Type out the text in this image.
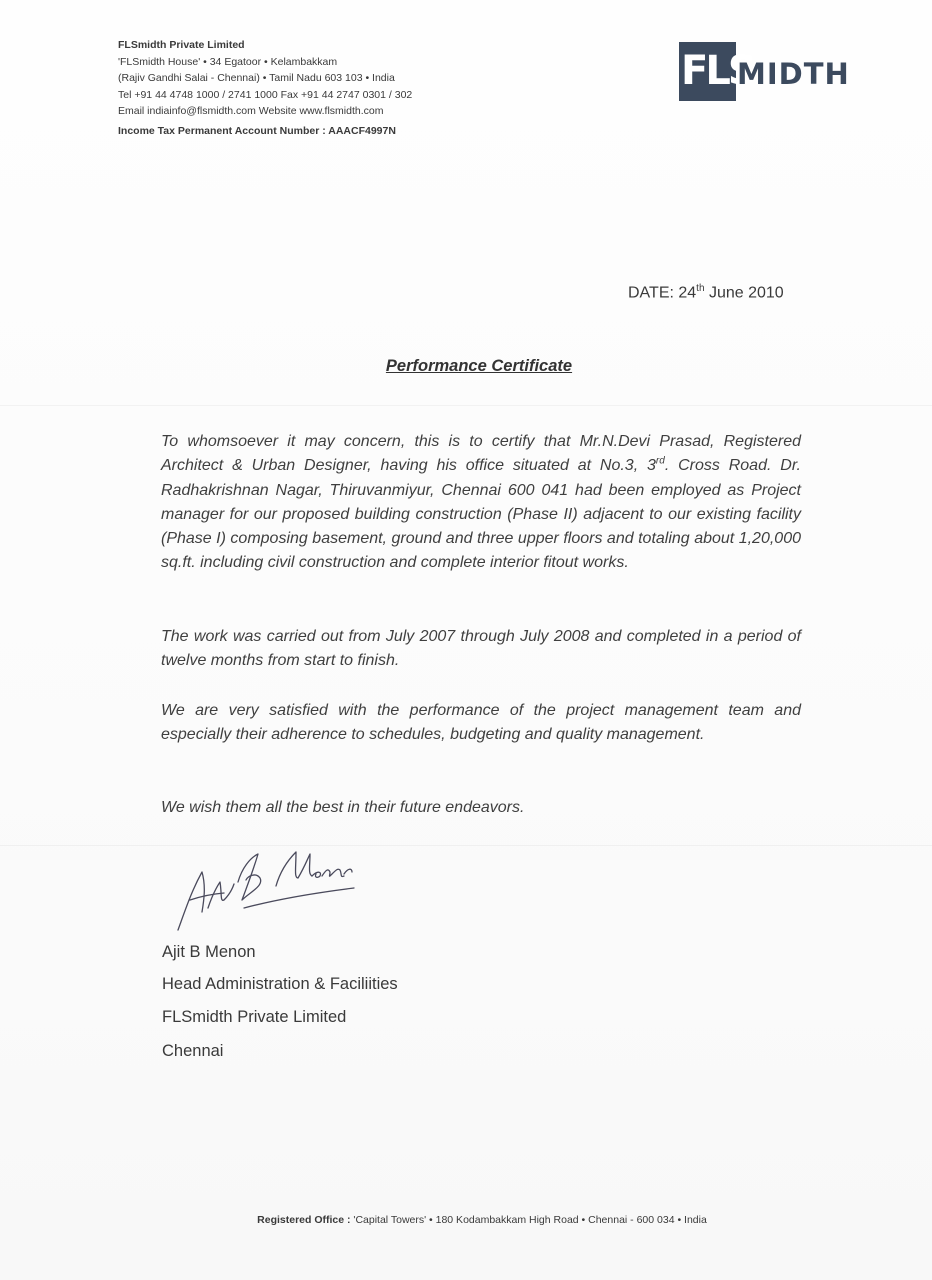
FLSmidth Private Limited
'FLSmidth House' • 34 Egatoor • Kelambakkam
(Rajiv Gandhi Salai - Chennai) • Tamil Nadu 603 103 • India
Tel +91 44 4748 1000 / 2741 1000 Fax +91 44 2747 0301 / 302
Email indiainfo@flsmidth.com Website www.flsmidth.com
Income Tax Permanent Account Number : AAACF4997N
FLS
MIDTH
DATE: 24th June 2010
Performance Certificate
To whomsoever it may concern, this is to certify that Mr.N.Devi Prasad, Registered Architect & Urban Designer, having his office situated at No.3, 3rd. Cross Road. Dr. Radhakrishnan Nagar, Thiruvanmiyur, Chennai 600 041 had been employed as Project manager for our proposed building construction (Phase II) adjacent to our existing facility (Phase I) composing basement, ground and three upper floors and totaling about 1,20,000 sq.ft. including civil construction and complete interior fitout works.
The work was carried out from July 2007 through July 2008 and completed in a period of twelve months from start to finish.
We are very satisfied with the performance of the project management team and especially their adherence to schedules, budgeting and quality management.
We wish them all the best in their future endeavors.
Ajit B Menon
Head Administration & Faciliities
FLSmidth Private Limited
Chennai
Registered Office : 'Capital Towers' • 180 Kodambakkam High Road • Chennai - 600 034 • India
